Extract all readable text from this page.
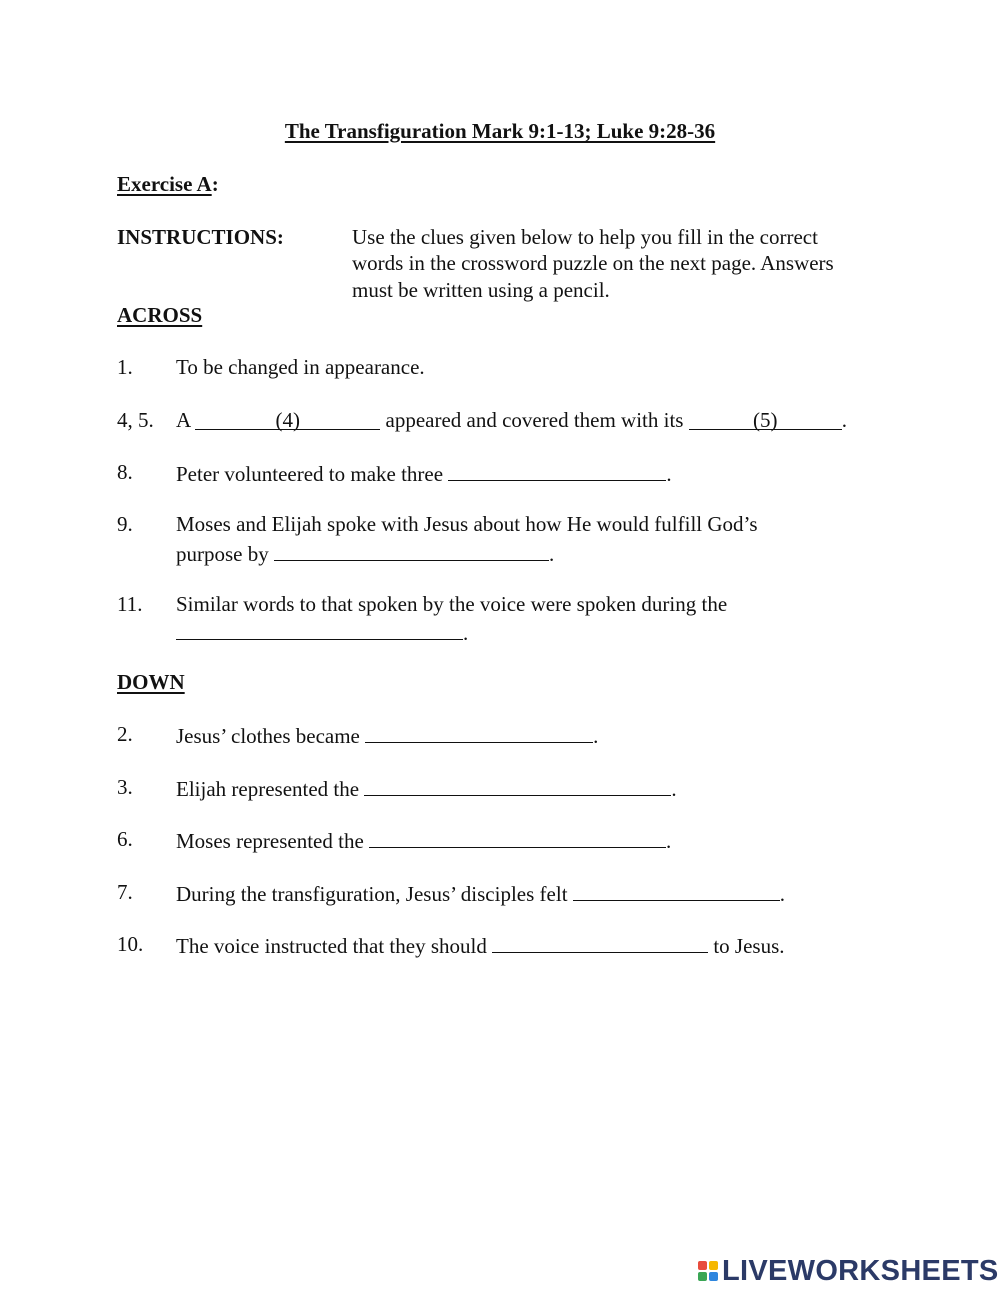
The Transfiguration Mark 9:1-13; Luke 9:28-36
Exercise A:
INSTRUCTIONS:	Use the clues given below to help you fill in the correct
words in the crossword puzzle on the next page. Answers
must be written using a pencil.
ACROSS
1. To be changed in appearance.
4, 5. A	(4)	appeared and covered them with its	(5)	.
8. Peter volunteered to make three	.
9. Moses and Elijah spoke with Jesus about how He would fulfill God’s
purpose by	.
11. Similar words to that spoken by the voice were spoken during the
.
DOWN
2. Jesus’ clothes became	.
3. Elijah represented the	.
6. Moses represented the	.
7. During the transfiguration, Jesus’ disciples felt	.
10. The voice instructed that they should	to Jesus.
LIVEWORKSHEETS
